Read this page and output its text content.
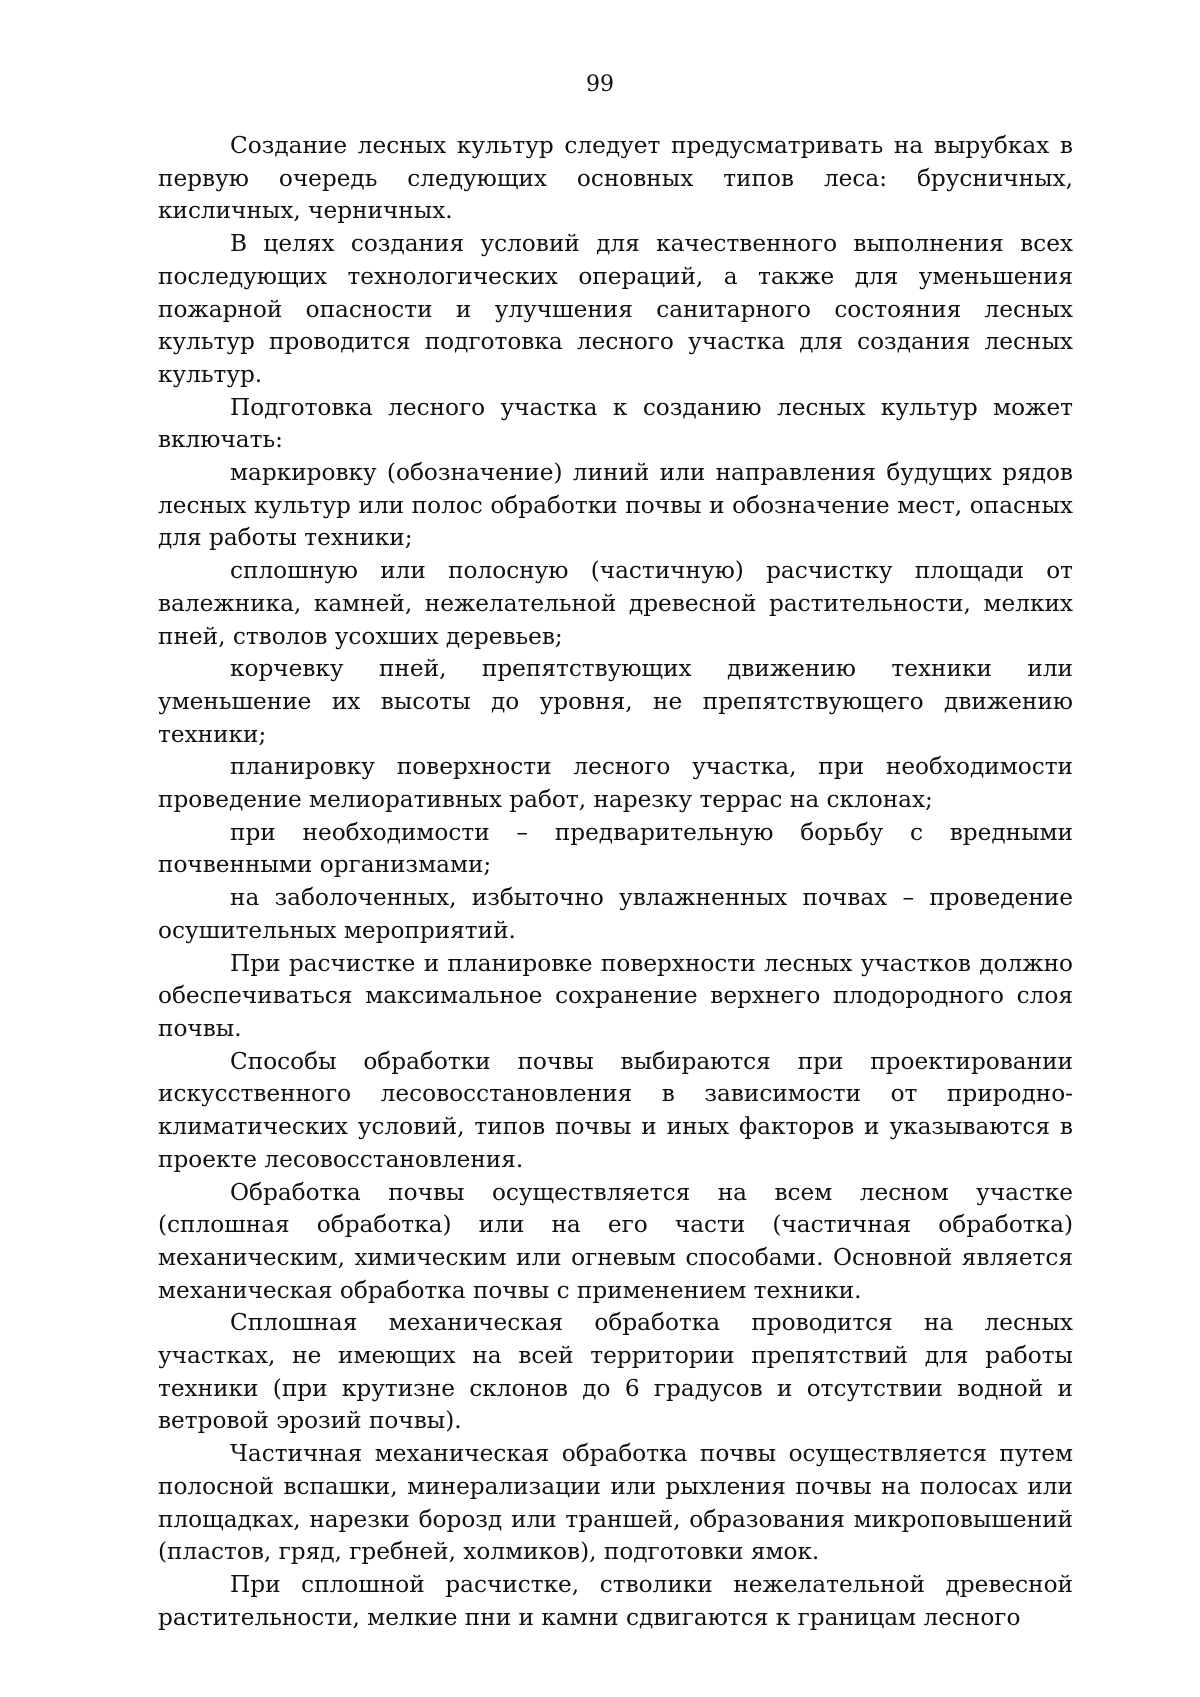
99

Создание лесных культур следует предусматривать на вырубках в первую очередь следующих основных типов леса: брусничных, кисличных, черничных.

В целях создания условий для качественного выполнения всех последующих технологических операций, а также для уменьшения пожарной опасности и улучшения санитарного состояния лесных культур проводится подготовка лесного участка для создания лесных культур.

Подготовка лесного участка к созданию лесных культур может включать:

маркировку (обозначение) линий или направления будущих рядов лесных культур или полос обработки почвы и обозначение мест, опасных для работы техники;

сплошную или полосную (частичную) расчистку площади от валежника, камней, нежелательной древесной растительности, мелких пней, стволов усохших деревьев;

корчевку пней, препятствующих движению техники или уменьшение их высоты до уровня, не препятствующего движению техники;

планировку поверхности лесного участка, при необходимости проведение мелиоративных работ, нарезку террас на склонах;

при необходимости – предварительную борьбу с вредными почвенными организмами;

на заболоченных, избыточно увлажненных почвах – проведение осушительных мероприятий.

При расчистке и планировке поверхности лесных участков должно обеспечиваться максимальное сохранение верхнего плодородного слоя почвы.

Способы обработки почвы выбираются при проектировании искусственного лесовосстановления в зависимости от природно-климатических условий, типов почвы и иных факторов и указываются в проекте лесовосстановления.

Обработка почвы осуществляется на всем лесном участке (сплошная обработка) или на его части (частичная обработка) механическим, химическим или огневым способами. Основной является механическая обработка почвы с применением техники.

Сплошная механическая обработка проводится на лесных участках, не имеющих на всей территории препятствий для работы техники (при крутизне склонов до 6 градусов и отсутствии водной и ветровой эрозий почвы).

Частичная механическая обработка почвы осуществляется путем полосной вспашки, минерализации или рыхления почвы на полосах или площадках, нарезки борозд или траншей, образования микроповышений (пластов, гряд, гребней, холмиков), подготовки ямок.

При сплошной расчистке, стволики нежелательной древесной растительности, мелкие пни и камни сдвигаются к границам лесного
